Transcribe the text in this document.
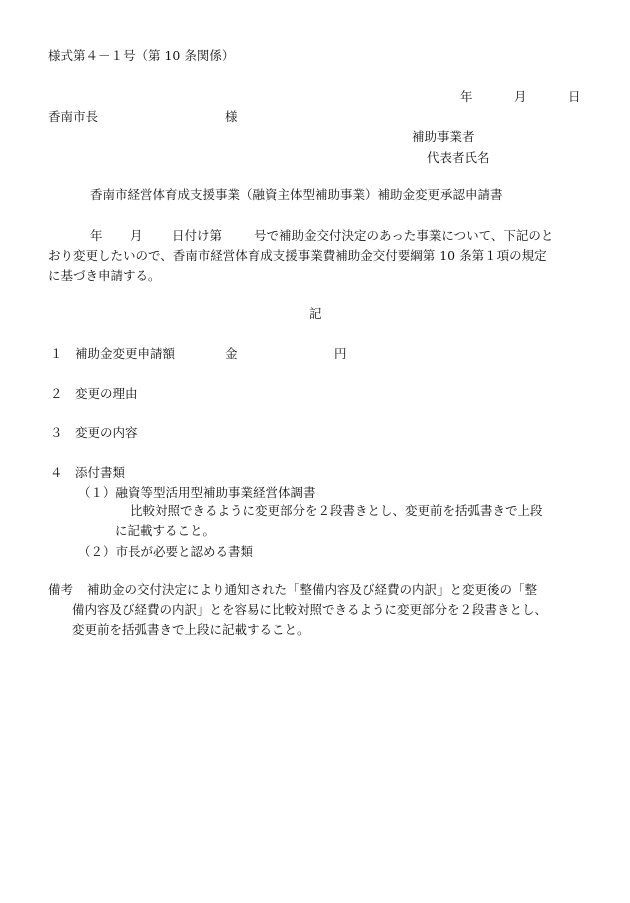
様式第４－１号（第 10 条関係）
年	月	日
香南市長	様
補助事業者
代表者氏名
香南市経営体育成支援事業（融資主体型補助事業）補助金変更承認申請書
年 月 日付け第	号で補助金交付決定のあった事業について、下記のと
おり変更したいので、香南市経営体育成支援事業費補助金交付要綱第 10 条第１項の規定
に基づき申請する。
記
１ 補助金変更申請額	金	円
２ 変更の理由
３ 変更の内容
４ 添付書類
（１）融資等型活用型補助事業経営体調書
比較対照できるように変更部分を２段書きとし、変更前を括弧書きで上段
に記載すること。
（２）市長が必要と認める書類
備考 補助金の交付決定により通知された「整備内容及び経費の内訳」と変更後の「整
備内容及び経費の内訳」とを容易に比較対照できるように変更部分を２段書きとし、
変更前を括弧書きで上段に記載すること。
